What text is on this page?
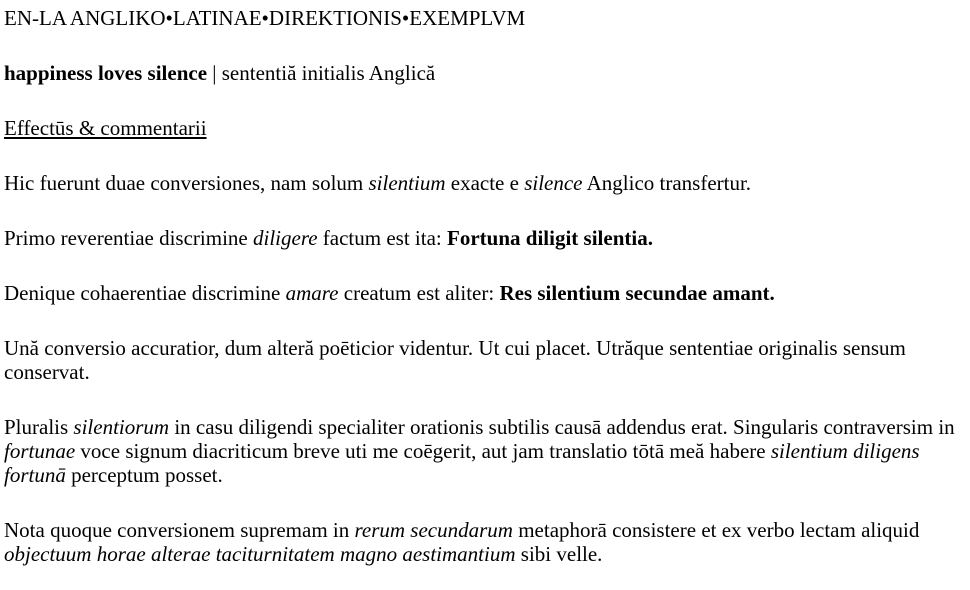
EN-LA ANGLIKO•LATINAE•DIREKTIONIS•EXEMPLVM

happiness loves silence | sententiă initialis Anglică

Effectūs & commentarii

Hic fuerunt duae conversiones, nam solum silentium exacte e silence Anglico transfertur.

Primo reverentiae discrimine diligere factum est ita: Fortuna diligit silentia.

Denique cohaerentiae discrimine amare creatum est aliter: Res silentium secundae amant.

Ună conversio accuratior, dum alteră poēticior videntur. Ut cui placet. Utrăque sententiae originalis sensum conservat.

Pluralis silentiorum in casu diligendi specialiter orationis subtilis causā addendus erat. Singularis contraversim in fortunae voce signum diacriticum breve uti me coēgerit, aut jam translatio tōtā meă habere silentium diligens fortunā perceptum posset.

Nota quoque conversionem supremam in rerum secundarum metaphorā consistere et ex verbo lectam aliquid objectuum horae alterae taciturnitatem magno aestimantium sibi velle.
